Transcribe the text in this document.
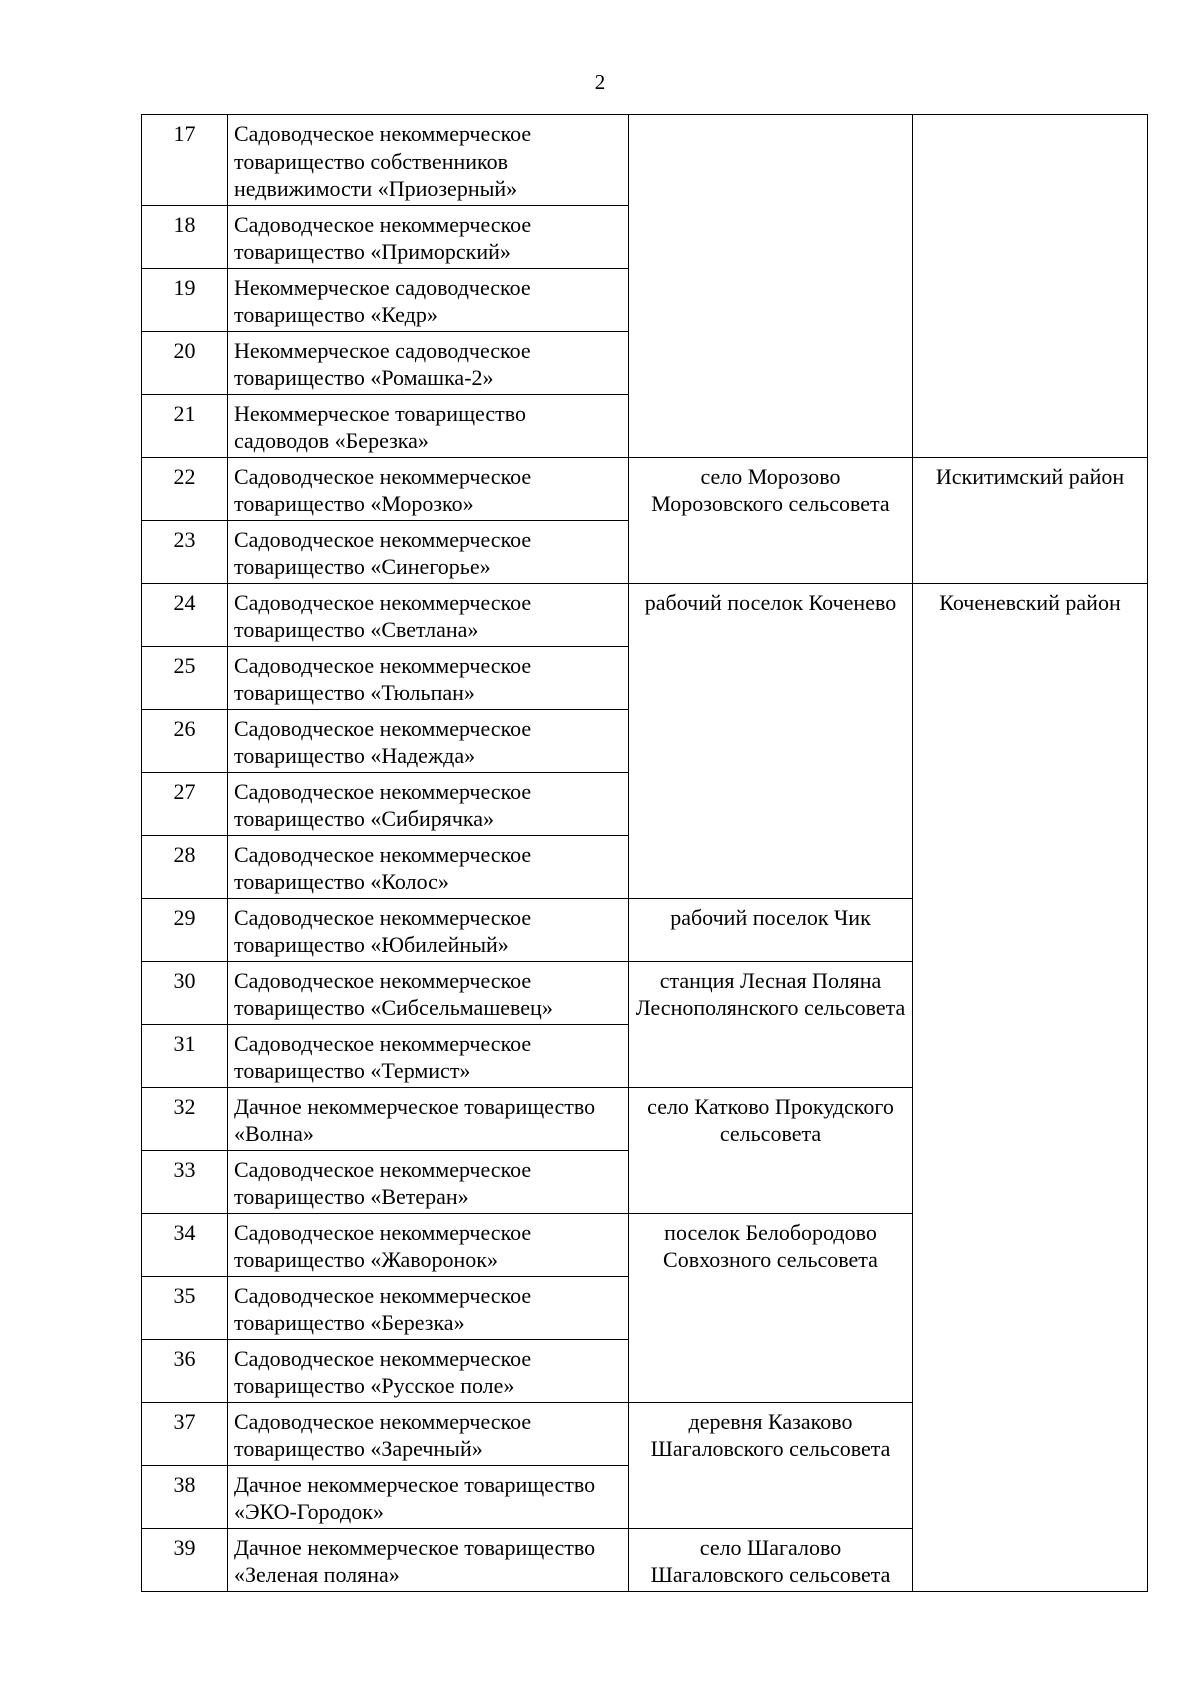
2
17	Садоводческое некоммерческое товарищество собственников недвижимости «Приозерный»		
18	Садоводческое некоммерческое товарищество «Приморский»		
19	Некоммерческое садоводческое товарищество «Кедр»		
20	Некоммерческое садоводческое товарищество «Ромашка-2»		
21	Некоммерческое товарищество садоводов «Березка»		
22	Садоводческое некоммерческое товарищество «Морозко»	село Морозово Морозовского сельсовета	Искитимский район
23	Садоводческое некоммерческое товарищество «Синегорье»		
24	Садоводческое некоммерческое товарищество «Светлана»	рабочий поселок Коченево	Коченевский район
25	Садоводческое некоммерческое товарищество «Тюльпан»		
26	Садоводческое некоммерческое товарищество «Надежда»		
27	Садоводческое некоммерческое товарищество «Сибирячка»		
28	Садоводческое некоммерческое товарищество «Колос»		
29	Садоводческое некоммерческое товарищество «Юбилейный»	рабочий поселок Чик	
30	Садоводческое некоммерческое товарищество «Сибсельмашевец»	станция Лесная Поляна Леснополянского сельсовета	
31	Садоводческое некоммерческое товарищество «Термист»		
32	Дачное некоммерческое товарищество «Волна»	село Катково Прокудского сельсовета	
33	Садоводческое некоммерческое товарищество «Ветеран»		
34	Садоводческое некоммерческое товарищество «Жаворонок»	поселок Белобородово Совхозного сельсовета	
35	Садоводческое некоммерческое товарищество «Березка»		
36	Садоводческое некоммерческое товарищество «Русское поле»		
37	Садоводческое некоммерческое товарищество «Заречный»	деревня Казаково Шагаловского сельсовета	
38	Дачное некоммерческое товарищество «ЭКО-Городок»		
39	Дачное некоммерческое товарищество «Зеленая поляна»	село Шагалово Шагаловского сельсовета	
